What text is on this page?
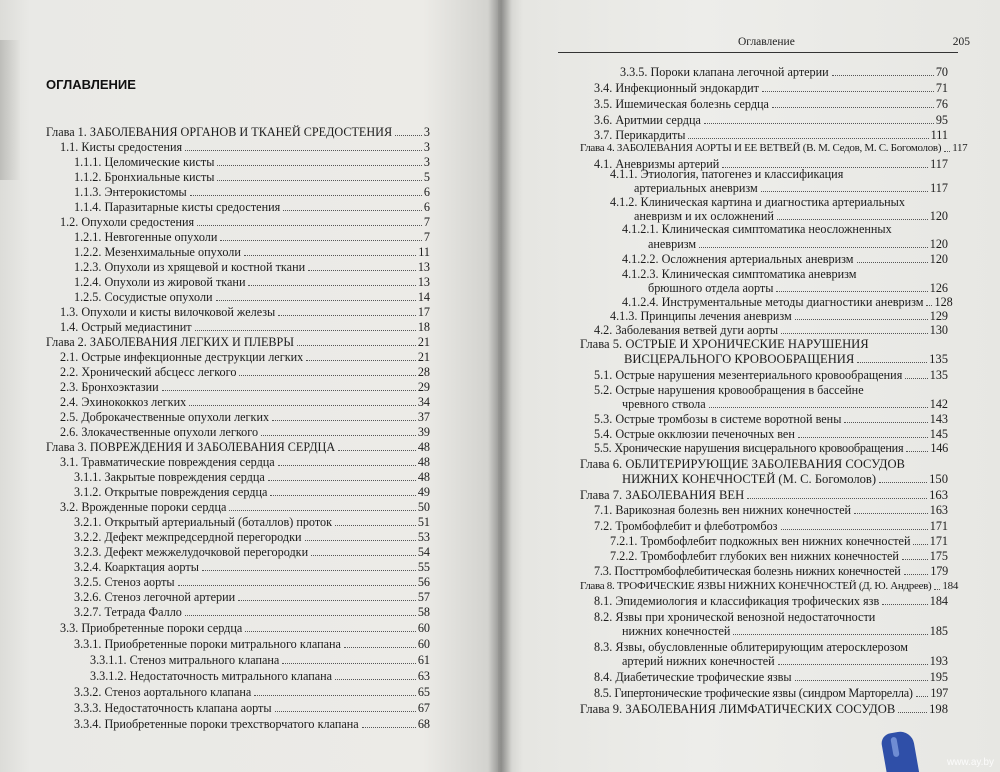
ОГЛАВЛЕНИЕ
Глава 1. ЗАБОЛЕВАНИЯ ОРГАНОВ И ТКАНЕЙ СРЕДОСТЕНИЯ	3
1.1. Кисты средостения	3
1.1.1. Целомические кисты	3
1.1.2. Бронхиальные кисты	5
1.1.3. Энтерокистомы	6
1.1.4. Паразитарные кисты средостения	6
1.2. Опухоли средостения	7
1.2.1. Невrогенные опухоли	7
1.2.2. Мезенхимальные опухоли	11
1.2.3. Опухоли из хрящевой и костной ткани	13
1.2.4. Опухоли из жировой ткани	13
1.2.5. Сосудистые опухоли	14
1.3. Опухоли и кисты вилочковой железы	17
1.4. Острый медиастинит	18
Глава 2. ЗАБОЛЕВАНИЯ ЛЕГКИХ И ПЛЕВРЫ	21
2.1. Острые инфекционные деструкции легких	21
2.2. Хронический абсцесс легкого	28
2.3. Бронхоэктазии	29
2.4. Эхинококкоз легких	34
2.5. Доброкачественные опухоли легких	37
2.6. Злокачественные опухоли легкого	39
Глава 3. ПОВРЕЖДЕНИЯ И ЗАБОЛЕВАНИЯ СЕРДЦА	48
3.1. Травматические повреждения сердца	48
3.1.1. Закрытые повреждения сердца	48
3.1.2. Открытые повреждения сердца	49
3.2. Врожденные пороки сердца	50
3.2.1. Открытый артериальный (боталлов) проток	51
3.2.2. Дефект межпредсердной перегородки	53
3.2.3. Дефект межжелудочковой перегородки	54
3.2.4. Коарктация аорты	55
3.2.5. Стеноз аорты	56
3.2.6. Стеноз легочной артерии	57
3.2.7. Тетрада Фалло	58
3.3. Приобретенные пороки сердца	60
3.3.1. Приобретенные пороки митрального клапана	60
3.3.1.1. Стеноз митрального клапана	61
3.3.1.2. Недостаточность митрального клапана	63
3.3.2. Стеноз аортального клапана	65
3.3.3. Недостаточность клапана аорты	67
3.3.4. Приобретенные пороки трехстворчатого клапана	68
Оглавление	205
3.3.5. Пороки клапана легочной артерии	70
3.4. Инфекционный эндокардит	71
3.5. Ишемическая болезнь сердца	76
3.6. Аритмии сердца	95
3.7. Перикардиты	111
Глава 4. ЗАБОЛЕВАНИЯ АОРТЫ И ЕЕ ВЕТВЕЙ (В. М. Седов, М. С. Богомолов) 117
4.1. Аневризмы артерий	117
4.1.1. Этиология, патогенез и классификация
артериальных аневризм	117
4.1.2. Клиническая картина и диагностика артериальных
аневризм и их осложнений	120
4.1.2.1. Клиническая симптоматика неосложненных
аневризм	120
4.1.2.2. Осложнения артериальных аневризм	120
4.1.2.3. Клиническая симптоматика аневризм
брюшного отдела аорты	126
4.1.2.4. Инструментальные методы диагностики аневризм 128
4.1.3. Принципы лечения аневризм	129
4.2. Заболевания ветвей дуги аорты	130
Глава 5. ОСТРЫЕ И ХРОНИЧЕСКИЕ НАРУШЕНИЯ
ВИСЦЕРАЛЬНОГО КРОВООБРАЩЕНИЯ	135
5.1. Острые нарушения мезентериального кровообращения 135
5.2. Острые нарушения кровообращения в бассейне
чревного ствола	142
5.3. Острые тромбозы в системе воротной вены	143
5.4. Острые окклюзии печеночных вен	145
5.5. Хронические нарушения висцерального кровообращения 146
Глава 6. ОБЛИТЕРИРУЮЩИЕ ЗАБОЛЕВАНИЯ СОСУДОВ
НИЖНИХ КОНЕЧНОСТЕЙ (М. С. Богомолов)	150
Глава 7. ЗАБОЛЕВАНИЯ ВЕН	163
7.1. Варикозная болезнь вен нижних конечностей	163
7.2. Тромбофлебит и флеботромбоз	171
7.2.1. Тромбофлебит подкожных вен нижних конечностей 171
7.2.2. Тромбофлебит глубоких вен нижних конечностей	175
7.3. Посттромбофлебитическая болезнь нижних конечностей 179
Глава 8. ТРОФИЧЕСКИЕ ЯЗВЫ НИЖНИХ КОНЕЧНОСТЕЙ (Д. Ю. Андреев) 184
8.1. Эпидемиология и классификация трофических язв	184
8.2. Язвы при хронической венозной недостаточности
нижних конечностей	185
8.3. Язвы, обусловленные облитерирующим атеросклерозом
артерий нижних конечностей	193
8.4. Диабетические трофические язвы	195
8.5. Гипертонические трофические язвы (синдром Марторелла) 197
Глава 9. ЗАБОЛЕВАНИЯ ЛИМФАТИЧЕСКИХ СОСУДОВ	198
www.ay.by
